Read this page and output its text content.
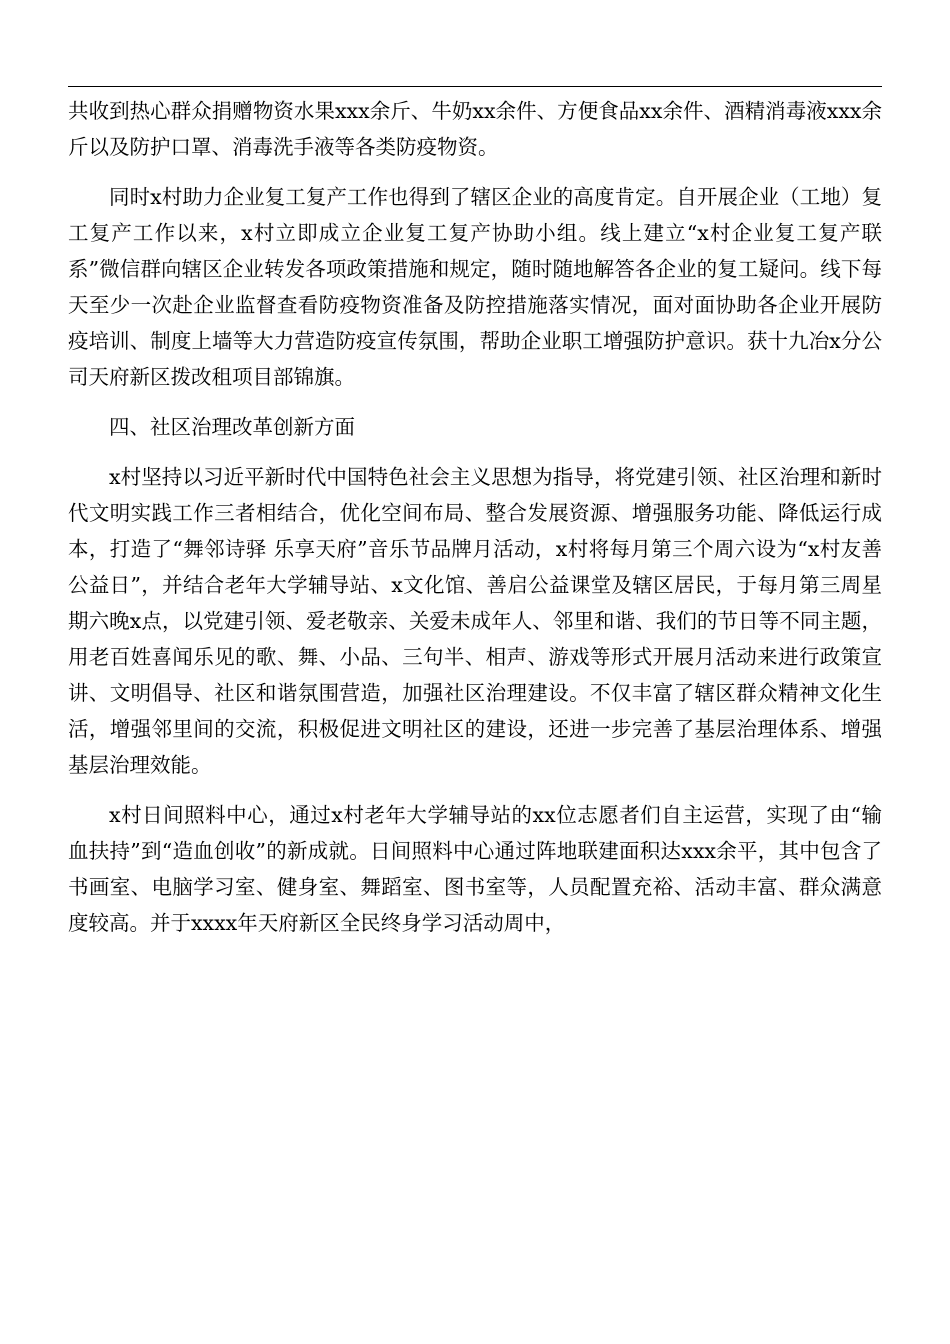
共收到热心群众捐赠物资水果xxx余斤、牛奶xx余件、方便食品xx余件、酒精消毒液xxx余斤以及防护口罩、消毒洗手液等各类防疫物资。

同时x村助力企业复工复产工作也得到了辖区企业的高度肯定。自开展企业（工地）复工复产工作以来，x村立即成立企业复工复产协助小组。线上建立“x村企业复工复产联系”微信群向辖区企业转发各项政策措施和规定，随时随地解答各企业的复工疑问。线下每天至少一次赴企业监督查看防疫物资准备及防控措施落实情况，面对面协助各企业开展防疫培训、制度上墙等大力营造防疫宣传氛围，帮助企业职工增强防护意识。获十九冶x分公司天府新区拨改租项目部锦旗。

四、社区治理改革创新方面

x村坚持以习近平新时代中国特色社会主义思想为指导，将党建引领、社区治理和新时代文明实践工作三者相结合，优化空间布局、整合发展资源、增强服务功能、降低运行成本，打造了“舞邻诗驿 乐享天府”音乐节品牌月活动，x村将每月第三个周六设为“x村友善公益日”，并结合老年大学辅导站、x文化馆、善启公益课堂及辖区居民，于每月第三周星期六晚x点，以党建引领、爱老敬亲、关爱未成年人、邻里和谐、我们的节日等不同主题，用老百姓喜闻乐见的歌、舞、小品、三句半、相声、游戏等形式开展月活动来进行政策宣讲、文明倡导、社区和谐氛围营造，加强社区治理建设。不仅丰富了辖区群众精神文化生活，增强邻里间的交流，积极促进文明社区的建设，还进一步完善了基层治理体系、增强基层治理效能。

x村日间照料中心，通过x村老年大学辅导站的xx位志愿者们自主运营，实现了由“输血扶持”到“造血创收”的新成就。日间照料中心通过阵地联建面积达xxx余平，其中包含了书画室、电脑学习室、健身室、舞蹈室、图书室等，人员配置充裕、活动丰富、群众满意度较高。并于xxxx年天府新区全民终身学习活动周中，
